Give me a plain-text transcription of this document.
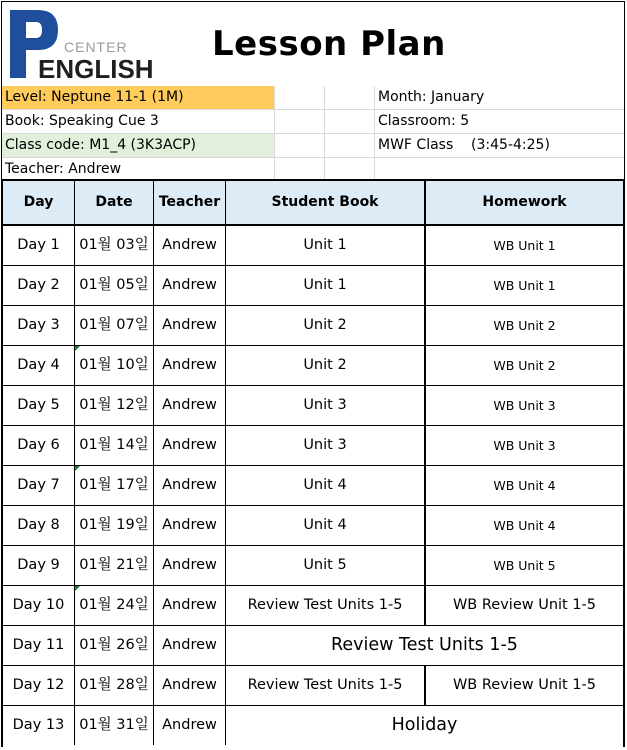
CENTER
ENGLISH
Lesson Plan
Level: Neptune 11-1 (1M)	Month: January
Book: Speaking Cue 3	Classroom: 5
Class code: M1_4 (3K3ACP)	MWF Class    (3:45-4:25)
Teacher: Andrew
Day	Date	Teacher	Student Book	Homework
Day 1	01월 03일 Andrew	Unit 1	WB Unit 1
Day 2	01월 05일 Andrew	Unit 1	WB Unit 1
Day 3	01월 07일 Andrew	Unit 2	WB Unit 2
Day 4	01월 10일 Andrew	Unit 2	WB Unit 2
Day 5	01월 12일 Andrew	Unit 3	WB Unit 3
Day 6	01월 14일 Andrew	Unit 3	WB Unit 3
Day 7	01월 17일 Andrew	Unit 4	WB Unit 4
Day 8	01월 19일 Andrew	Unit 4	WB Unit 4
Day 9	01월 21일 Andrew	Unit 5	WB Unit 5
Day 10	01월 24일 Andrew	Review Test Units 1-5	WB Review Unit 1-5
Day 11	01월 26일 Andrew	Review Test Units 1-5
Day 12	01월 28일 Andrew	Review Test Units 1-5	WB Review Unit 1-5
Day 13	01월 31일 Andrew	Holiday
